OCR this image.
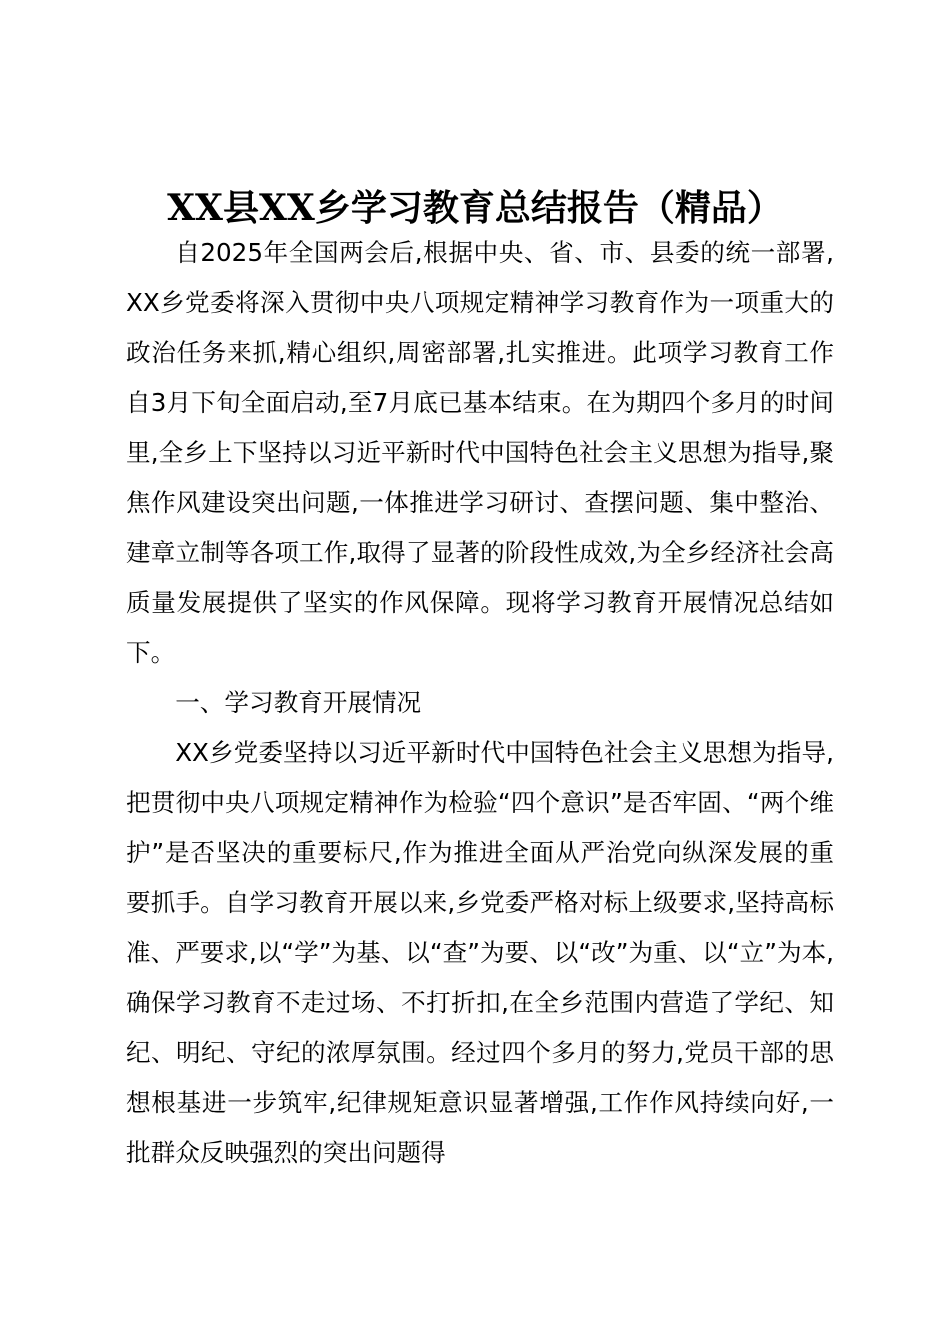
XX县XX乡学习教育总结报告（精品）

自2025年全国两会后,根据中央、省、市、县委的统一部署,XX乡党委将深入贯彻中央八项规定精神学习教育作为一项重大的政治任务来抓,精心组织,周密部署,扎实推进。此项学习教育工作自3月下旬全面启动,至7月底已基本结束。在为期四个多月的时间里,全乡上下坚持以习近平新时代中国特色社会主义思想为指导,聚焦作风建设突出问题,一体推进学习研讨、查摆问题、集中整治、建章立制等各项工作,取得了显著的阶段性成效,为全乡经济社会高质量发展提供了坚实的作风保障。现将学习教育开展情况总结如下。

一、学习教育开展情况

XX乡党委坚持以习近平新时代中国特色社会主义思想为指导,把贯彻中央八项规定精神作为检验“四个意识”是否牢固、“两个维护”是否坚决的重要标尺,作为推进全面从严治党向纵深发展的重要抓手。自学习教育开展以来,乡党委严格对标上级要求,坚持高标准、严要求,以“学”为基、以“查”为要、以“改”为重、以“立”为本,确保学习教育不走过场、不打折扣,在全乡范围内营造了学纪、知纪、明纪、守纪的浓厚氛围。经过四个多月的努力,党员干部的思想根基进一步筑牢,纪律规矩意识显著增强,工作作风持续向好,一批群众反映强烈的突出问题得
